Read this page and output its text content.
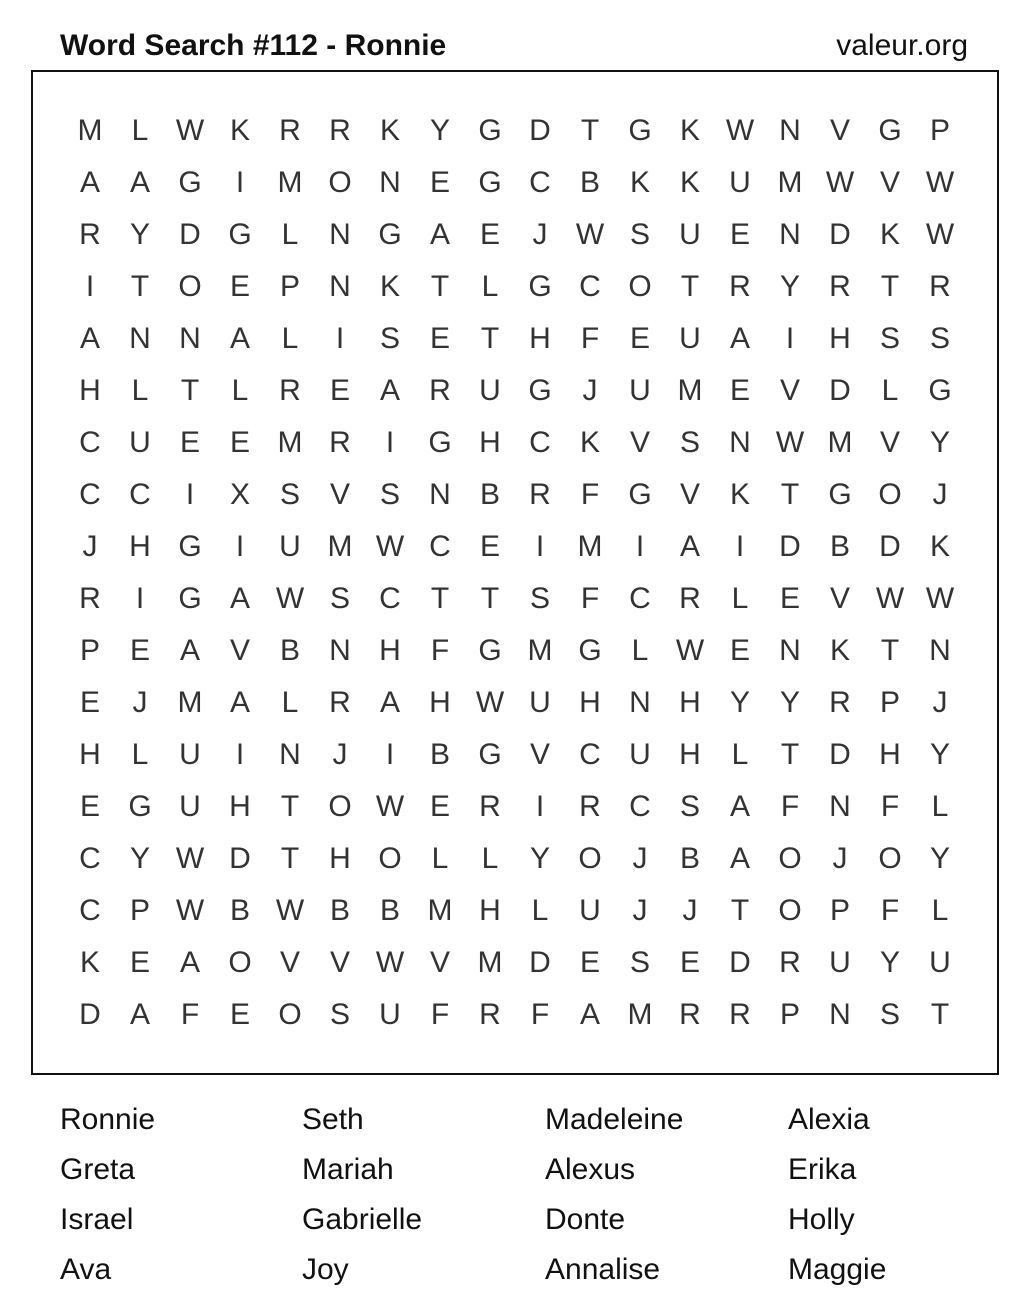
Word Search #112 - Ronnie	valeur.org
M L W K R R K Y G D	T G K W N V G P
A A G	I	M O N E G C B K K U M W V W
R Y D G L	N G A E	J W S U E N D K W
I	T O E P N K	T	L G C O T	R Y R	T	R
A N N A	L	I	S E	T	H	F	E U A	I	H S S
H	L	T	L	R E A R U G	J	U M E V D	L G
C U E E M R	I	G H C K V S N W M V Y
C C	I	X S V S N B R	F G V K	T G O	J
J	H G	I	U M W C E	I	M	I	A	I	D B D K
R	I	G A W S C	T	T	S	F	C R	L	E V W W
P E A V B N H	F G M G L W E N K	T	N
E	J	M A	L	R A H W U H N H Y Y R P	J
H	L	U	I	N	J	I	B G V C U H	L	T	D H Y
E G U H	T O W E R	I	R C S A	F	N	F	L
C Y W D	T	H O L	L	Y O	J	B A O	J	O Y
C P W B W B B M H	L	U	J	J	T O P	F	L
K E A O V V W V M D E S E D R U Y U
D A	F	E O S U	F	R	F	A M R R P N S	T
Ronnie	Seth	Madeleine	Alexia
Greta	Mariah	Alexus	Erika
Israel	Gabrielle	Donte	Holly
Ava	Joy	Annalise	Maggie
